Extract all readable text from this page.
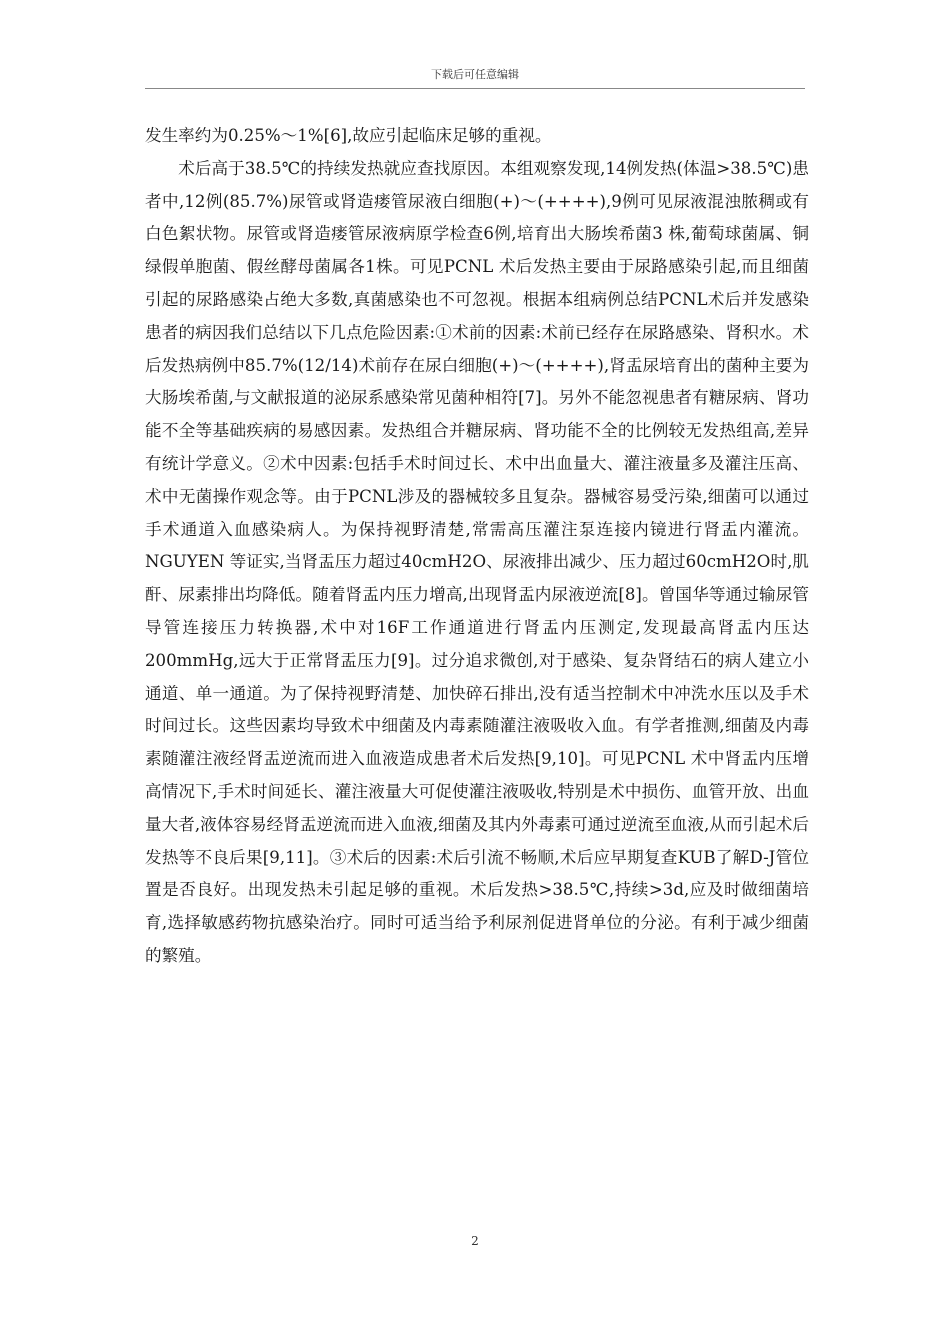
下载后可任意编辑

发生率约为0.25%～1%[6],故应引起临床足够的重视。

术后高于38.5℃的持续发热就应查找原因。本组观察发现,14例发热(体温>38.5℃)患者中,12例(85.7%)尿管或肾造瘘管尿液白细胞(+)～(++++),9例可见尿液混浊脓稠或有白色絮状物。尿管或肾造瘘管尿液病原学检查6例,培育出大肠埃希菌3 株,葡萄球菌属、铜绿假单胞菌、假丝酵母菌属各1株。可见PCNL 术后发热主要由于尿路感染引起,而且细菌引起的尿路感染占绝大多数,真菌感染也不可忽视。根据本组病例总结PCNL术后并发感染患者的病因我们总结以下几点危险因素:①术前的因素:术前已经存在尿路感染、肾积水。术后发热病例中85.7%(12/14)术前存在尿白细胞(+)～(++++),肾盂尿培育出的菌种主要为大肠埃希菌,与文献报道的泌尿系感染常见菌种相符[7]。另外不能忽视患者有糖尿病、肾功能不全等基础疾病的易感因素。发热组合并糖尿病、肾功能不全的比例较无发热组高,差异有统计学意义。②术中因素:包括手术时间过长、术中出血量大、灌注液量多及灌注压高、术中无菌操作观念等。由于PCNL涉及的器械较多且复杂。器械容易受污染,细菌可以通过手术通道入血感染病人。为保持视野清楚,常需高压灌注泵连接内镜进行肾盂内灌流。NGUYEN 等证实,当肾盂压力超过40cmH2O、尿液排出减少、压力超过60cmH2O时,肌酐、尿素排出均降低。随着肾盂内压力增高,出现肾盂内尿液逆流[8]。曾国华等通过输尿管导管连接压力转换器,术中对16F工作通道进行肾盂内压测定,发现最高肾盂内压达200mmHg,远大于正常肾盂压力[9]。过分追求微创,对于感染、复杂肾结石的病人建立小通道、单一通道。为了保持视野清楚、加快碎石排出,没有适当控制术中冲洗水压以及手术时间过长。这些因素均导致术中细菌及内毒素随灌注液吸收入血。有学者推测,细菌及内毒素随灌注液经肾盂逆流而进入血液造成患者术后发热[9,10]。可见PCNL 术中肾盂内压增高情况下,手术时间延长、灌注液量大可促使灌注液吸收,特别是术中损伤、血管开放、出血量大者,液体容易经肾盂逆流而进入血液,细菌及其内外毒素可通过逆流至血液,从而引起术后发热等不良后果[9,11]。③术后的因素:术后引流不畅顺,术后应早期复查KUB了解D-J管位置是否良好。出现发热未引起足够的重视。术后发热>38.5℃,持续>3d,应及时做细菌培育,选择敏感药物抗感染治疗。同时可适当给予利尿剂促进肾单位的分泌。有利于减少细菌的繁殖。

2
